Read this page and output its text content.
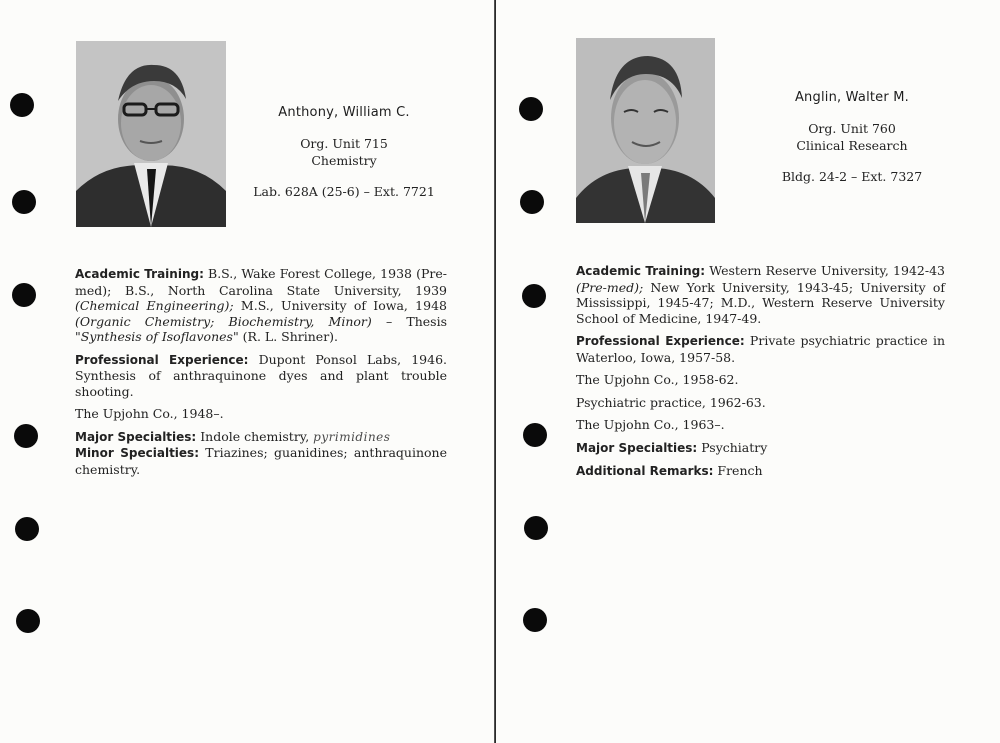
Anthony, William C.
Org. Unit 715
Chemistry
Lab. 628A (25-6) – Ext. 7721

Academic Training: B.S., Wake Forest College, 1938 (Pre-med); B.S., North Carolina State University, 1939 (Chemical Engineering); M.S., University of Iowa, 1948 (Organic Chemistry; Biochemistry, Minor) – Thesis "Synthesis of Isoflavones" (R. L. Shriner).

Professional Experience: Dupont Ponsol Labs, 1946. Synthesis of anthraquinone dyes and plant trouble shooting.

The Upjohn Co., 1948–.

Major Specialties: Indole chemistry, pyrimidines
Minor Specialties: Triazines; guanidines; anthraquinone chemistry.
Anglin, Walter M.
Org. Unit 760
Clinical Research
Bldg. 24-2 – Ext. 7327

Academic Training: Western Reserve University, 1942-43 (Pre-med); New York University, 1943-45; University of Mississippi, 1945-47; M.D., Western Reserve University School of Medicine, 1947-49.

Professional Experience: Private psychiatric practice in Waterloo, Iowa, 1957-58.

The Upjohn Co., 1958-62.

Psychiatric practice, 1962-63.

The Upjohn Co., 1963–.

Major Specialties: Psychiatry

Additional Remarks: French
